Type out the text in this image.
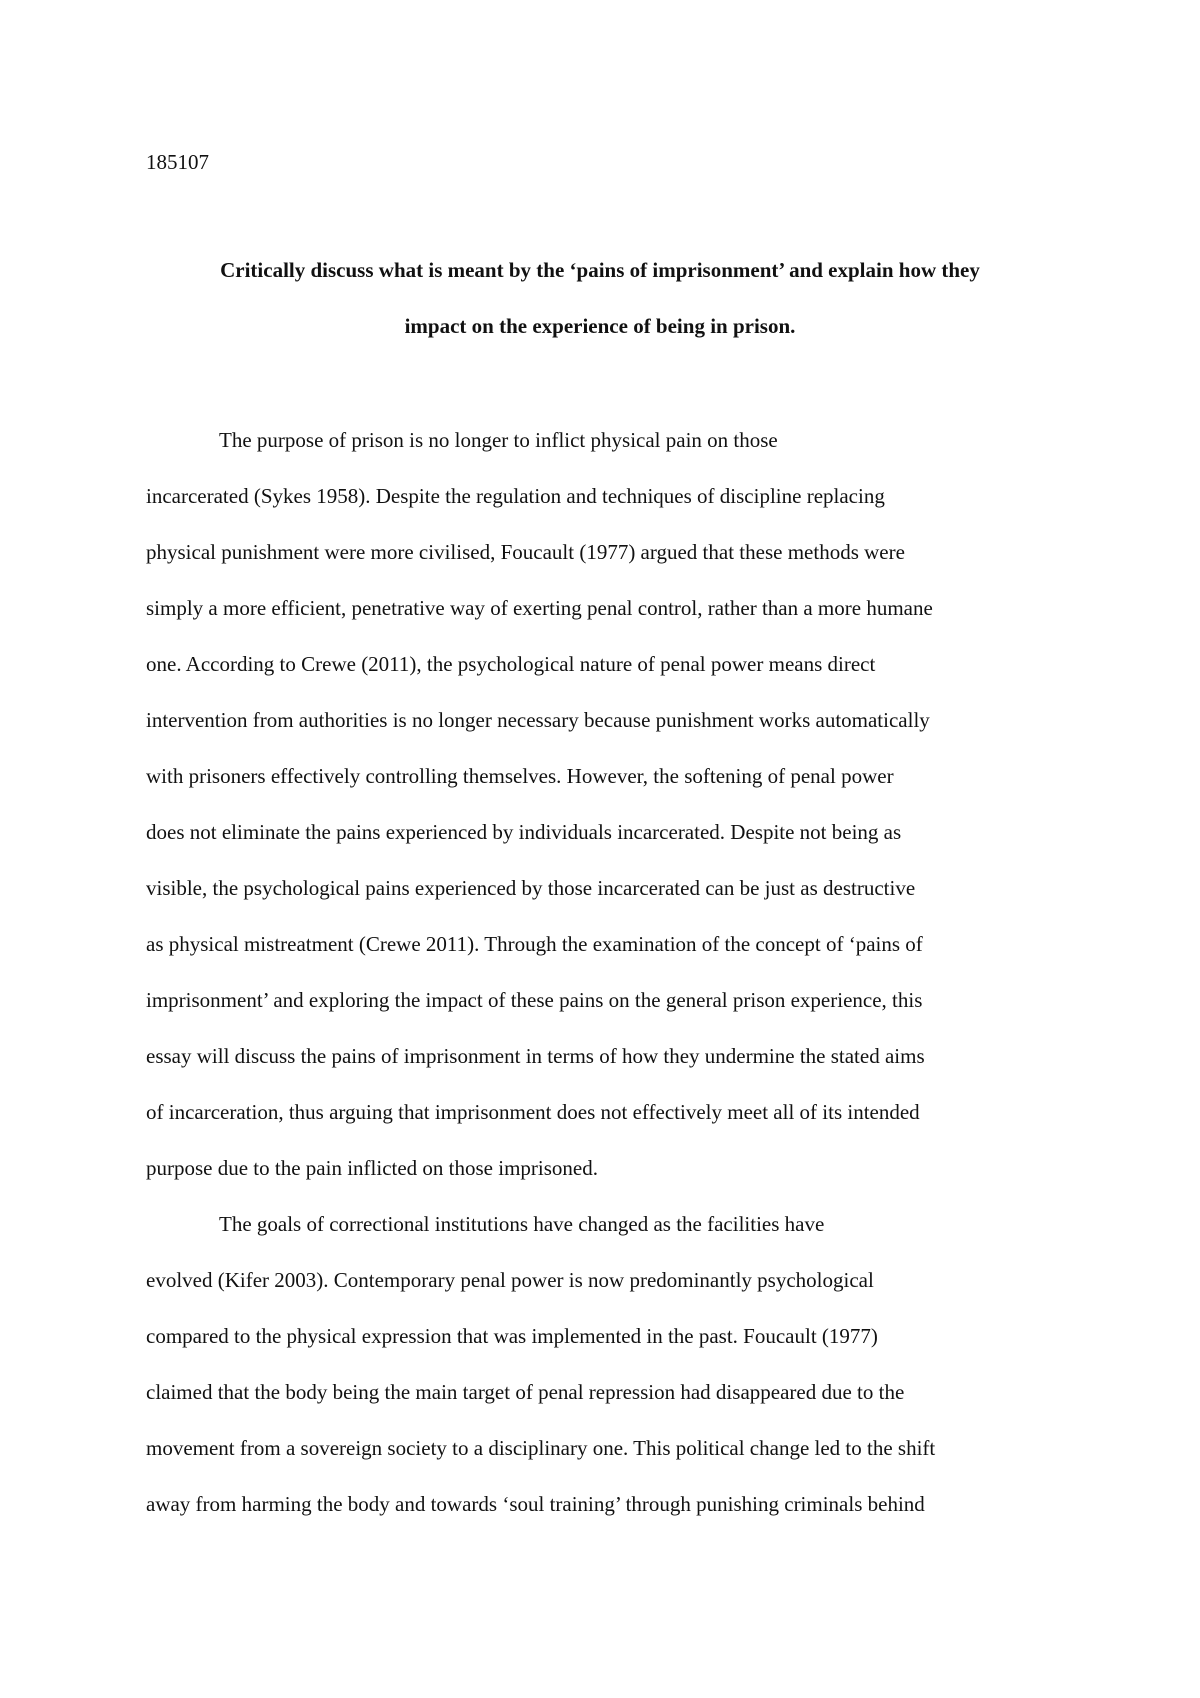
185107

Critically discuss what is meant by the ‘pains of imprisonment’ and explain how they
impact on the experience of being in prison.
The purpose of prison is no longer to inflict physical pain on those
incarcerated (Sykes 1958). Despite the regulation and techniques of discipline replacing
physical punishment were more civilised, Foucault (1977) argued that these methods were
simply a more efficient, penetrative way of exerting penal control, rather than a more humane
one. According to Crewe (2011), the psychological nature of penal power means direct
intervention from authorities is no longer necessary because punishment works automatically
with prisoners effectively controlling themselves. However, the softening of penal power
does not eliminate the pains experienced by individuals incarcerated. Despite not being as
visible, the psychological pains experienced by those incarcerated can be just as destructive
as physical mistreatment (Crewe 2011). Through the examination of the concept of ‘pains of
imprisonment’ and exploring the impact of these pains on the general prison experience, this
essay will discuss the pains of imprisonment in terms of how they undermine the stated aims
of incarceration, thus arguing that imprisonment does not effectively meet all of its intended
purpose due to the pain inflicted on those imprisoned.
The goals of correctional institutions have changed as the facilities have
evolved (Kifer 2003). Contemporary penal power is now predominantly psychological
compared to the physical expression that was implemented in the past. Foucault (1977)
claimed that the body being the main target of penal repression had disappeared due to the
movement from a sovereign society to a disciplinary one. This political change led to the shift
away from harming the body and towards ‘soul training’ through punishing criminals behind
